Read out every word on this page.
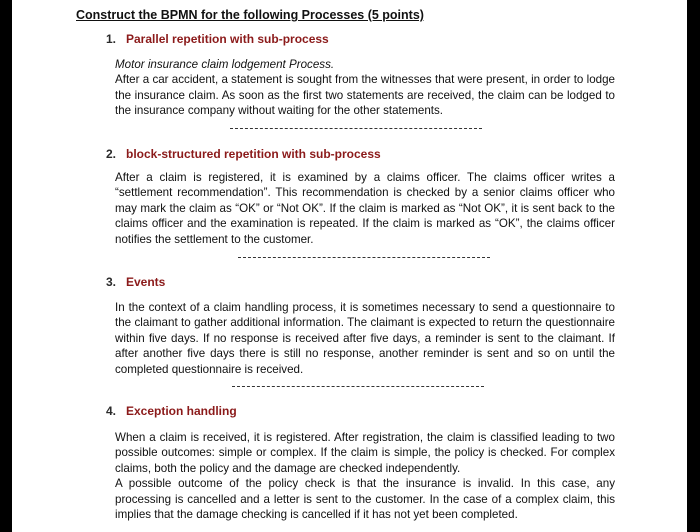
Construct the BPMN for the following Processes (5 points)
1. Parallel repetition with sub-process

Motor insurance claim lodgement Process.

After a car accident, a statement is sought from the witnesses that were present, in order to lodge the insurance claim. As soon as the first two statements are received, the claim can be lodged to the insurance company without waiting for the other statements.

2. block-structured repetition with sub-process

After a claim is registered, it is examined by a claims officer. The claims officer writes a “settlement recommendation”. This recommendation is checked by a senior claims officer who may mark the claim as “OK” or “Not OK”. If the claim is marked as “Not OK”, it is sent back to the claims officer and the examination is repeated. If the claim is marked as “OK”, the claims officer notifies the settlement to the customer.

3. Events

In the context of a claim handling process, it is sometimes necessary to send a questionnaire to the claimant to gather additional information. The claimant is expected to return the questionnaire within five days. If no response is received after five days, a reminder is sent to the claimant. If after another five days there is still no response, another reminder is sent and so on until the completed questionnaire is received.

4. Exception handling

When a claim is received, it is registered. After registration, the claim is classified leading to two possible outcomes: simple or complex. If the claim is simple, the policy is checked. For complex claims, both the policy and the damage are checked independently.

A possible outcome of the policy check is that the insurance is invalid. In this case, any processing is cancelled and a letter is sent to the customer. In the case of a complex claim, this implies that the damage checking is cancelled if it has not yet been completed.
